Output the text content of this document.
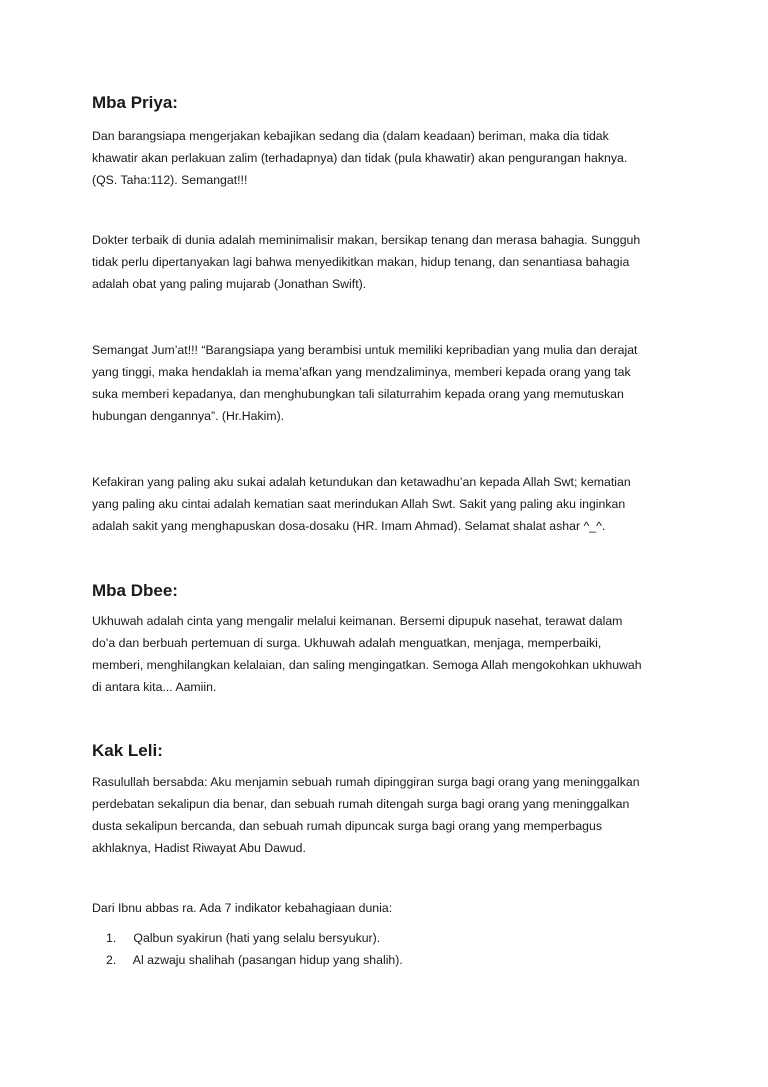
Mba Priya:

Dan barangsiapa mengerjakan kebajikan sedang dia (dalam keadaan) beriman, maka dia tidak
khawatir akan perlakuan zalim (terhadapnya) dan tidak (pula khawatir) akan pengurangan haknya.
(QS. Taha:112). Semangat!!!

Dokter terbaik di dunia adalah meminimalisir makan, bersikap tenang dan merasa bahagia. Sungguh
tidak perlu dipertanyakan lagi bahwa menyedikitkan makan, hidup tenang, dan senantiasa bahagia
adalah obat yang paling mujarab (Jonathan Swift).

Semangat Jum’at!!! “Barangsiapa yang berambisi untuk memiliki kepribadian yang mulia dan derajat
yang tinggi, maka hendaklah ia mema’afkan yang mendzaliminya, memberi kepada orang yang tak
suka memberi kepadanya, dan menghubungkan tali silaturrahim kepada orang yang memutuskan
hubungan dengannya”. (Hr.Hakim).

Kefakiran yang paling aku sukai adalah ketundukan dan ketawadhu’an kepada Allah Swt; kematian
yang paling aku cintai adalah kematian saat merindukan Allah Swt. Sakit yang paling aku inginkan
adalah sakit yang menghapuskan dosa-dosaku (HR. Imam Ahmad). Selamat shalat ashar ^_^.

Mba Dbee:

Ukhuwah adalah cinta yang mengalir melalui keimanan. Bersemi dipupuk nasehat, terawat dalam
do’a dan berbuah pertemuan di surga. Ukhuwah adalah menguatkan, menjaga, memperbaiki,
memberi, menghilangkan kelalaian, dan saling mengingatkan. Semoga Allah mengokohkan ukhuwah
di antara kita... Aamiin.

Kak Leli:

Rasulullah bersabda: Aku menjamin sebuah rumah dipinggiran surga bagi orang yang meninggalkan
perdebatan sekalipun dia benar, dan sebuah rumah ditengah surga bagi orang yang meninggalkan
dusta sekalipun bercanda, dan sebuah rumah dipuncak surga bagi orang yang memperbagus
akhlaknya, Hadist Riwayat Abu Dawud.

Dari Ibnu abbas ra. Ada 7 indikator kebahagiaan dunia:

1. Qalbun syakirun (hati yang selalu bersyukur).
2. Al azwaju shalihah (pasangan hidup yang shalih).
